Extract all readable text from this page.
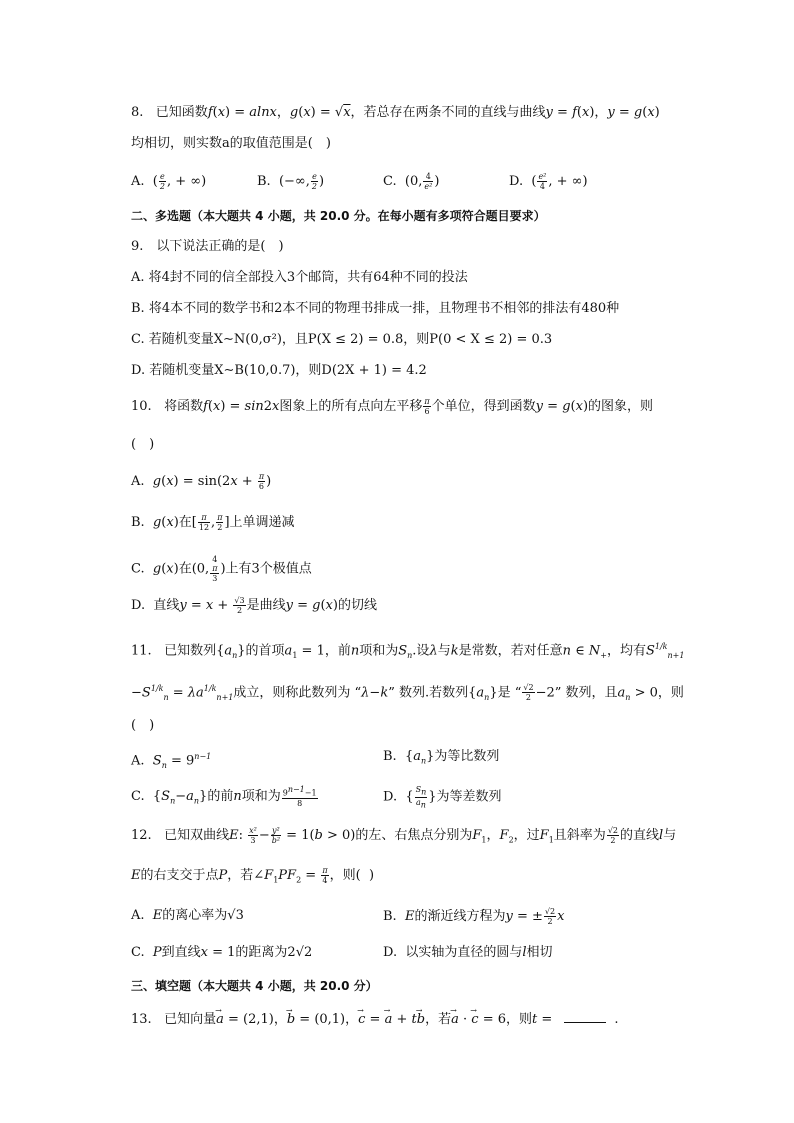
8.   已知函数f(x) = alnx，g(x) = √x，若总存在两条不同的直线与曲线y = f(x)，y = g(x)
均相切，则实数a的取值范围是(　)
A.  ( $\frac{e}{2}$ , + ∞)	B.  (−∞, $\frac{e}{2}$ )	C.  (0, $\frac{4}{\text{e²}}$ )	D.  ( $\frac{\text{e²}}{4}$ , + ∞)
二、多选题（本大题共 4 小题，共 20.0 分。在每小题有多项符合题目要求）
9.　以下说法正确的是(　)
A. 将4封不同的信全部投入3个邮筒，共有64种不同的投法
B. 将4本不同的数学书和2本不同的物理书排成一排，且物理书不相邻的排法有480种
C. 若随机变量X∼N(0,σ²)，且P(X ≤ 2) = 0.8，则P(0 < X ≤ 2) = 0.3
D. 若随机变量X∼B(10,0.7)，则D(2X + 1) = 4.2
10.   将函数f(x) = sin2x图象上的所有点向左平移 $\frac{\pi}{6}$ 个单位，得到函数y = g(x)的图象，则
(　)
A.  $g(x) = \sin(2x + \frac{\pi}{6}$ )
B.  g(x)在[ $\frac{\pi}{12}$ , $\frac{\pi}{2}$ ]上单调递减
C.  g(x)在(0, 4
π
3 )上有3个极值点
D.  直线$y = x + \frac{√3}{2}$ 是曲线y = g(x)的切线
11.   已知数列$\{a_n\}$的首项$a_1 = 1$，前n项和为$S_n$.设λ与k是常数，若对任意n ∈ $N_+$，均有$S^{1/k}_{n+1}$
$-S^{1/k}_n = \lambda a^{1/k}_{n+1}$成立，则称此数列为 “λ−k” 数列.若数列$\{a_n\}$是 “ $\frac{√2}{2} -2$” 数列，且$a_n > 0$，则
(　)
A.  $S_n = 9^{n-1}$	B.  $\{a_n\}$为等比数列
C.  $\{S_n-a_n\}$的前n项和为 $\frac{9^{n-1}-1}{8}$	D.  { $\frac{S_n}{a_n}$ }为等差数列
12.   已知双曲线E: $\frac{\text{x²}}{3} - \frac{\text{y²}}{\text{b²}} = 1(b > 0)$的左、右焦点分别为$F_1$，$F_2$，过$F_1$且斜率为 $\frac{√2}{2}$ 的直线l与
E的右支交于点P，若$\angle F_1PF_2 = \frac{\pi}{4}$ ，则(  )
A.  E的离心率为√3	B.  E的渐近线方程为y = ± $\frac{√2}{2}$ x
C.  P到直线x = 1的距离为2√2	D.  以实轴为直径的圆与l相切
三、填空题（本大题共 4 小题，共 20.0 分）
13.   已知向量→ a = (2,1)，→ b = (0,1)，→ c = → a + t→ b，若→ a · → c = 6，则t =	.
